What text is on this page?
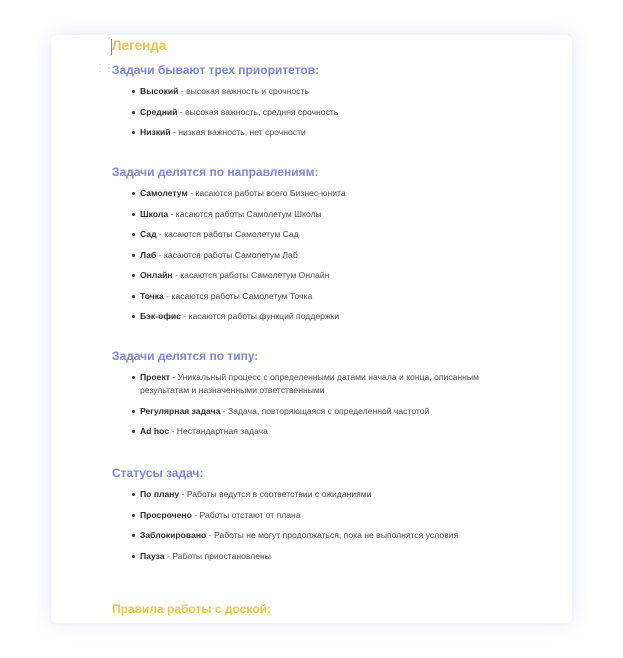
Легенда
⋮⋮ Задачи бывают трех приоритетов:
Высокий - высокая важность и срочность
Средний - высокая важность, средняя срочность
Низкий - низкая важность, нет срочности
Задачи делятся по направлениям:
Самолетум - касаются работы всего Бизнес-юнита
Школа - касаются работы Самолетум Школы
Сад - касаются работы Самолетум Сад
Лаб - касаются работы Самолетум Лаб
Онлайн - касаются работы Самолетум Онлайн
Точка - касаются работы Самолетум Точка
Бэк-офис - касаются работы функций поддержки
Задачи делятся по типу:
Проект - Уникальный процесс с определенными датами начала и конца, описанным результатам и назначенными ответственными
Регулярная задача - Задача, повторяющаяся с определенной частотой
Ad hoc - Нестандартная задача
Статусы задач:
По плану - Работы ведутся в соответствии с ожиданиями
Просрочено - Работы отстают от плана
Заблокировано - Работы не могут продолжаться, пока не выполнятся условия
Пауза - Работы приостановлены
Правила работы с доской:
